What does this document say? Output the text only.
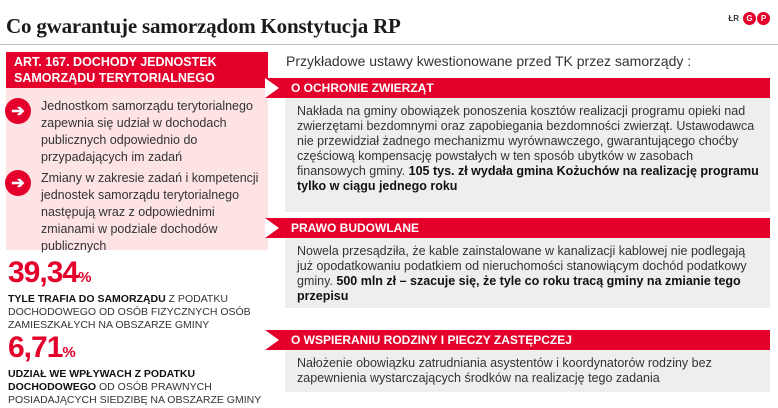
Co gwarantuje samorządom Konstytucja RP	ŁR G	P
ART. 167. DOCHODY JEDNOSTEK SAMORZĄDU TERYTORIALNEGO
➔	Jednostkom samorządu terytorialnego zapewnia się udział w dochodach publicznych odpowiednio do przypadających im zadań
➔	Zmiany w zakresie zadań i kompetencji jednostek samorządu terytorialnego następują wraz z odpowiednimi zmianami w podziale dochodów publicznych
39,34%
TYLE TRAFIA DO SAMORZĄDU Z PODATKU DOCHODOWEGO OD OSÓB FIZYCZNYCH OSÓB ZAMIESZKAŁYCH NA OBSZARZE GMINY
6,71%
UDZIAŁ WE WPŁYWACH Z PODATKU DOCHODOWEGO OD OSÓB PRAWNYCH POSIADAJĄCYCH SIEDZIBĘ NA OBSZARZE GMINY
Przykładowe ustawy kwestionowane przed TK przez samorządy :
O OCHRONIE ZWIERZĄT
Nakłada na gminy obowiązek ponoszenia kosztów realizacji programu opieki nad zwierzętami bezdomnymi oraz zapobiegania bezdomności zwierząt. Ustawodawca nie przewidział żadnego mechanizmu wyrównawczego, gwarantującego choćby częściową kompensację powstałych w ten sposób ubytków w zasobach finansowych gminy. 105 tys. zł wydała gmina Kożuchów na realizację programu tylko w ciągu jednego roku
PRAWO BUDOWLANE
Nowela przesądziła, że kable zainstalowane w kanalizacji kablowej nie podlegają już opodatkowaniu podatkiem od nieruchomości stanowiącym dochód podatkowy gminy. 500 mln zł – szacuje się, że tyle co roku tracą gminy na zmianie tego przepisu
O WSPIERANIU RODZINY I PIECZY ZASTĘPCZEJ
Nałożenie obowiązku zatrudniania asystentów i koordynatorów rodziny bez zapewnienia wystarczających środków na realizację tego zadania
